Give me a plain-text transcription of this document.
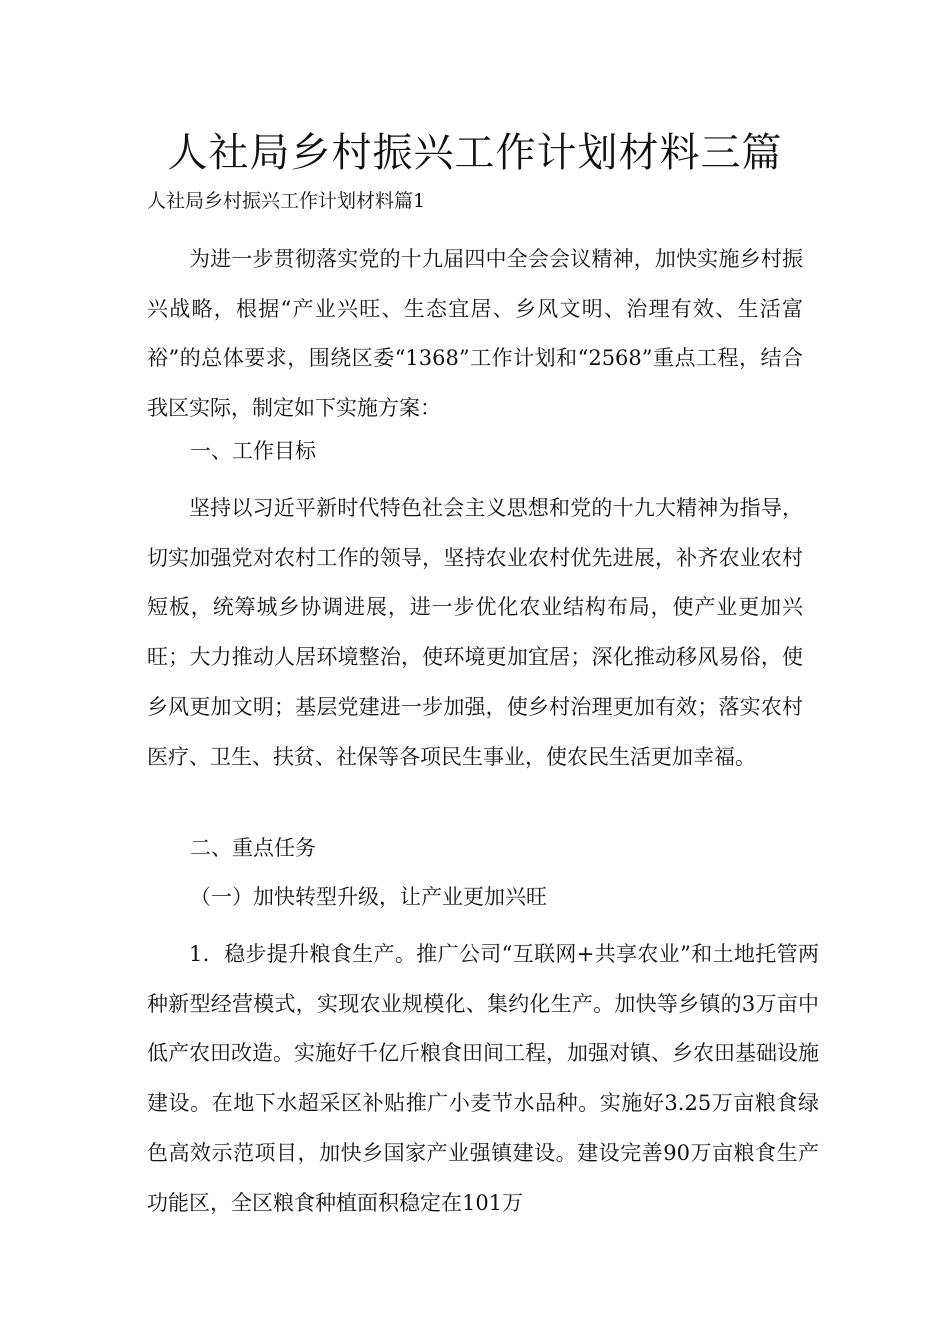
人社局乡村振兴工作计划材料三篇

人社局乡村振兴工作计划材料篇1

为进一步贯彻落实党的十九届四中全会会议精神，加快实施乡村振兴战略，根据“产业兴旺、生态宜居、乡风文明、治理有效、生活富裕”的总体要求，围绕区委“1368”工作计划和“2568”重点工程，结合我区实际，制定如下实施方案：

一、工作目标

坚持以习近平新时代特色社会主义思想和党的十九大精神为指导，切实加强党对农村工作的领导，坚持农业农村优先进展，补齐农业农村短板，统筹城乡协调进展，进一步优化农业结构布局，使产业更加兴旺；大力推动人居环境整治，使环境更加宜居；深化推动移风易俗，使乡风更加文明；基层党建进一步加强，使乡村治理更加有效；落实农村医疗、卫生、扶贫、社保等各项民生事业，使农民生活更加幸福。

二、重点任务

（一）加快转型升级，让产业更加兴旺

1．稳步提升粮食生产。推广公司“互联网+共享农业”和土地托管两种新型经营模式，实现农业规模化、集约化生产。加快等乡镇的3万亩中低产农田改造。实施好千亿斤粮食田间工程，加强对镇、乡农田基础设施建设。在地下水超采区补贴推广小麦节水品种。实施好3.25万亩粮食绿色高效示范项目，加快乡国家产业强镇建设。建设完善90万亩粮食生产功能区，全区粮食种植面积稳定在101万
